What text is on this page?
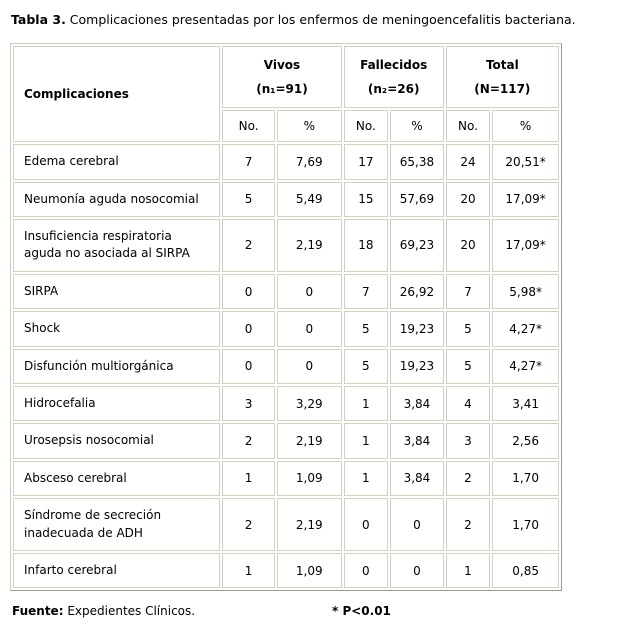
Tabla 3. Complicaciones presentadas por los enfermos de meningoencefalitis bacteriana.

Complicaciones	
Vivos
(n₁=91)

Fallecidos
(n₂=26)

Total
(N=117)

	No.	%	No.	%	No.	%
Edema cerebral	7	7,69	17	65,38	24	20,51*
Neumonía aguda nosocomial	5	5,49	15	57,69	20	17,09*
Insuficiencia respiratoria aguda no asociada al SIRPA	2	2,19	18	69,23	20	17,09*
SIRPA	0	0	7	26,92	7	5,98*
Shock	0	0	5	19,23	5	4,27*
Disfunción multiorgánica	0	0	5	19,23	5	4,27*
Hidrocefalia	3	3,29	1	3,84	4	3,41
Urosepsis nosocomial	2	2,19	1	3,84	3	2,56
Absceso cerebral	1	1,09	1	3,84	2	1,70
Síndrome de secreción inadecuada de ADH	2	2,19	0	0	2	1,70
Infarto cerebral	1	1,09	0	0	1	0,85
Fuente: Expedientes Clínicos.	* P<0.01
